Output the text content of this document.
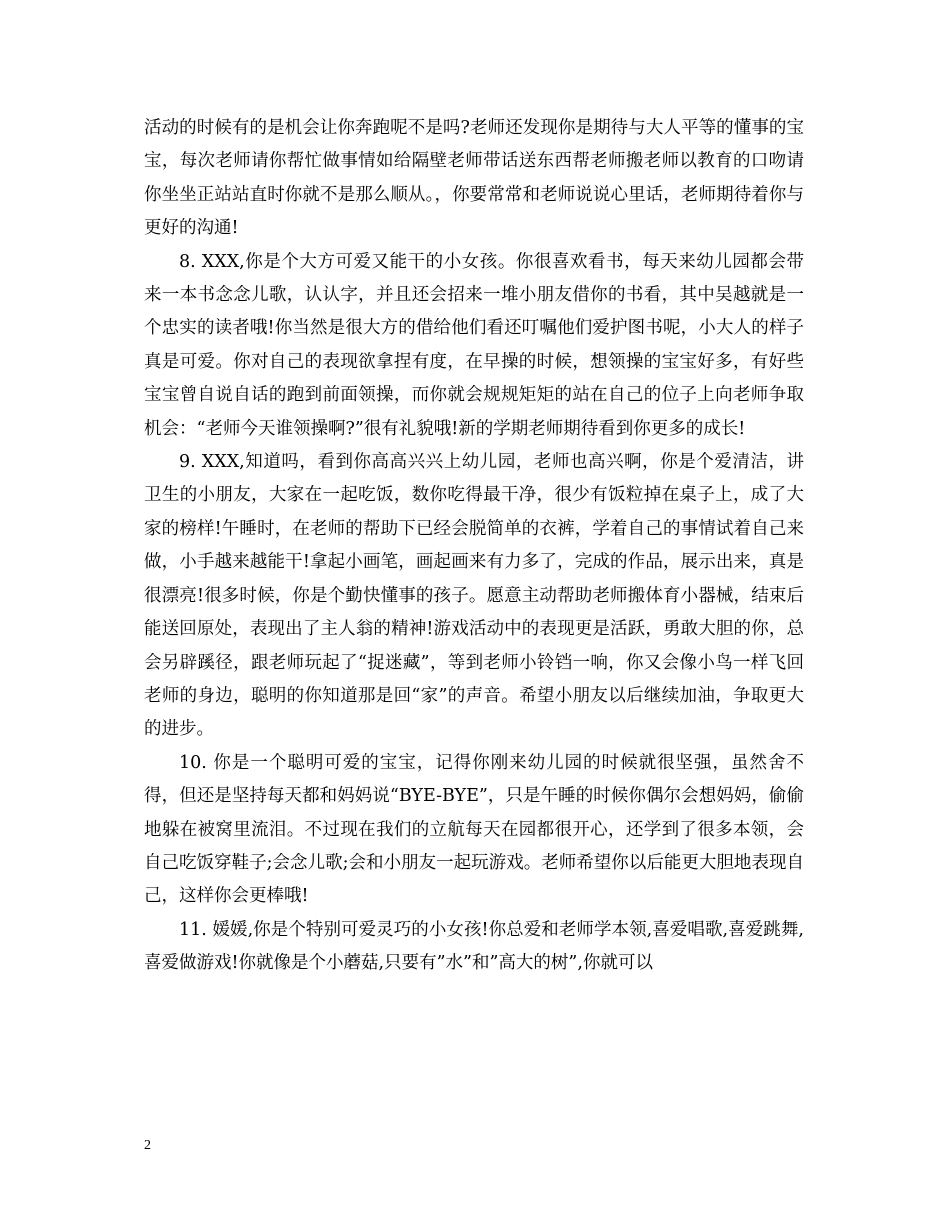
活动的时候有的是机会让你奔跑呢不是吗?老师还发现你是期待与大人平等的懂事的宝宝，每次老师请你帮忙做事情如给隔壁老师带话送东西帮老师搬老师以教育的口吻请你坐坐正站站直时你就不是那么顺从。，你要常常和老师说说心里话，老师期待着你与更好的沟通!

8. XXX,你是个大方可爱又能干的小女孩。你很喜欢看书，每天来幼儿园都会带来一本书念念儿歌，认认字，并且还会招来一堆小朋友借你的书看，其中吴越就是一个忠实的读者哦!你当然是很大方的借给他们看还叮嘱他们爱护图书呢，小大人的样子真是可爱。你对自己的表现欲拿捏有度，在早操的时候，想领操的宝宝好多，有好些宝宝曾自说自话的跑到前面领操，而你就会规规矩矩的站在自己的位子上向老师争取机会：“老师今天谁领操啊?”很有礼貌哦!新的学期老师期待看到你更多的成长!

9. XXX,知道吗，看到你高高兴兴上幼儿园，老师也高兴啊，你是个爱清洁，讲卫生的小朋友，大家在一起吃饭，数你吃得最干净，很少有饭粒掉在桌子上，成了大家的榜样!午睡时，在老师的帮助下已经会脱简单的衣裤，学着自己的事情试着自己来做，小手越来越能干!拿起小画笔，画起画来有力多了，完成的作品，展示出来，真是很漂亮!很多时候，你是个勤快懂事的孩子。愿意主动帮助老师搬体育小器械，结束后能送回原处，表现出了主人翁的精神!游戏活动中的表现更是活跃，勇敢大胆的你，总会另辟蹊径，跟老师玩起了“捉迷藏”，等到老师小铃铛一响，你又会像小鸟一样飞回老师的身边，聪明的你知道那是回“家”的声音。希望小朋友以后继续加油，争取更大的进步。

10. 你是一个聪明可爱的宝宝，记得你刚来幼儿园的时候就很坚强，虽然舍不得，但还是坚持每天都和妈妈说“BYE-BYE”，只是午睡的时候你偶尔会想妈妈，偷偷地躲在被窝里流泪。不过现在我们的立航每天在园都很开心，还学到了很多本领，会自己吃饭穿鞋子;会念儿歌;会和小朋友一起玩游戏。老师希望你以后能更大胆地表现自己，这样你会更棒哦!

11. 媛媛,你是个特别可爱灵巧的小女孩!你总爱和老师学本领,喜爱唱歌,喜爱跳舞,喜爱做游戏!你就像是个小蘑菇,只要有”水”和”高大的树”,你就可以

2
